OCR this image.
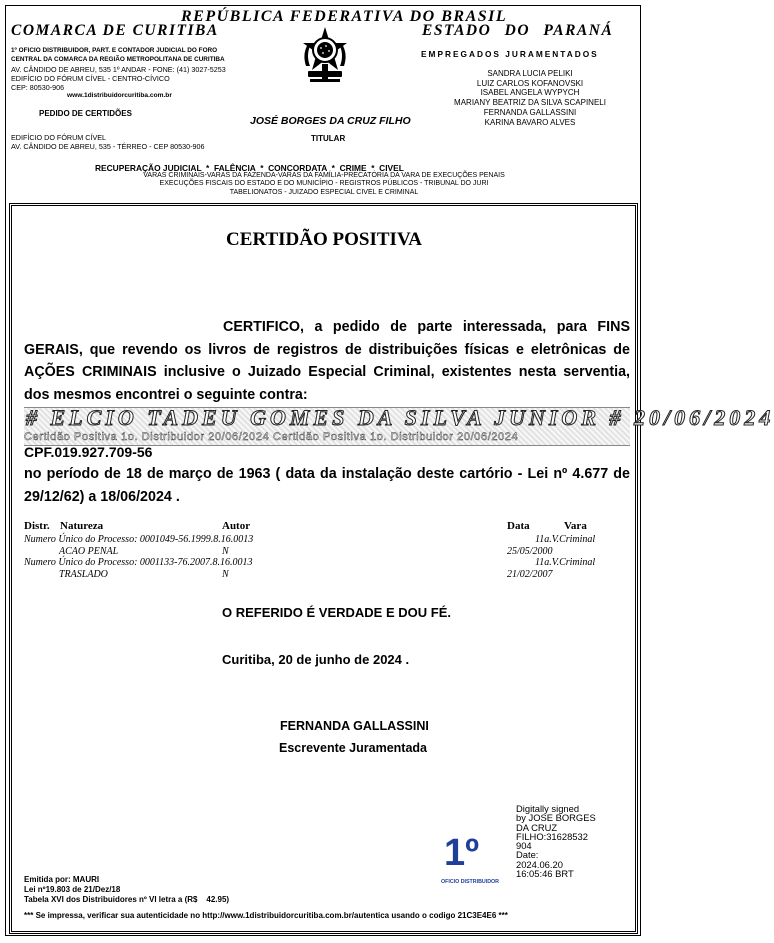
REPÚBLICA FEDERATIVA DO BRASIL
COMARCA DE CURITIBA	ESTADO DO PARANÁ
1º OFICIO DISTRIBUIDOR, PART. E CONTADOR JUDICIAL DO FORO
CENTRAL DA COMARCA DA REGIÃO METROPOLITANA DE CURITIBA
AV. CÂNDIDO DE ABREU, 535 1º ANDAR - FONE: (41) 3027-5253
EDIFÍCIO DO FÓRUM CÍVEL - CENTRO-CÍVICO
CEP: 80530-906
www.1distribuidorcuritiba.com.br
EMPREGADOS JURAMENTADOS
SANDRA LUCIA PELIKI
LUIZ CARLOS KOFANOVSKI
ISABEL ANGELA WYPYCH
MARIANY BEATRIZ DA SILVA SCAPINELI
FERNANDA GALLASSINI
KARINA BAVARO ALVES
PEDIDO DE CERTIDÕES
JOSÉ BORGES DA CRUZ FILHO
TITULAR
EDIFÍCIO DO FÓRUM CÍVEL
AV. CÂNDIDO DE ABREU, 535 - TÉRREO - CEP 80530-906
RECUPERAÇÃO JUDICIAL  *  FALÊNCIA  *  CONCORDATA  *  CRIME  *  CIVEL
VARAS CRIMINAIS-VARAS DA FAZENDA-VARAS DA FAMÍLIA-PRECATÓRIA DA VARA DE EXECUÇÕES PENAIS
EXECUÇÕES FISCAIS DO ESTADO E DO MUNICÍPIO - REGISTROS PÚBLICOS - TRIBUNAL DO JURI
TABELIONATOS - JUIZADO ESPECIAL CIVEL E CRIMINAL
CERTIDÃO POSITIVA
CERTIFICO, a pedido de parte interessada, para FINS GERAIS, que revendo os livros de registros de distribuições físicas e eletrônicas de AÇÕES CRIMINAIS inclusive o Juizado Especial Criminal, existentes nesta serventia, dos mesmos encontrei o seguinte contra:
# ELCIO TADEU GOMES DA SILVA JUNIOR # 20/06/2024
Certidão Positiva 1o. Distribuidor 20/06/2024 Certidão Positiva 1o. Distribuidor 20/06/2024
CPF.019.927.709-56
no período de 18 de março de 1963 ( data da instalação deste cartório - Lei nº 4.677 de 29/12/62) a 18/06/2024 .
Distr. Natureza	Autor	Data	Vara
Numero Único do Processo: 0001049-56.1999.8.16.0013	11a.V.Criminal
ACAO PENAL	N	25/05/2000
Numero Único do Processo: 0001133-76.2007.8.16.0013	11a.V.Criminal
TRASLADO	N	21/02/2007
O REFERIDO É VERDADE E DOU FÉ.
Curitiba, 20 de junho de 2024 .
FERNANDA GALLASSINI
Escrevente Juramentada
Digitally signed
by JOSE BORGES
DA CRUZ
FILHO:31628532
904
Date:
2024.06.20
16:05:46 BRT
1º
OFICIO DISTRIBUIDOR
Emitida por: MAURI
Lei nº19.803 de 21/Dez/18
Tabela XVI dos Distribuidores nº VI letra a (R$    42.95)
*** Se impressa, verificar sua autenticidade no http://www.1distribuidorcuritiba.com.br/autentica usando o codigo 21C3E4E6 ***
